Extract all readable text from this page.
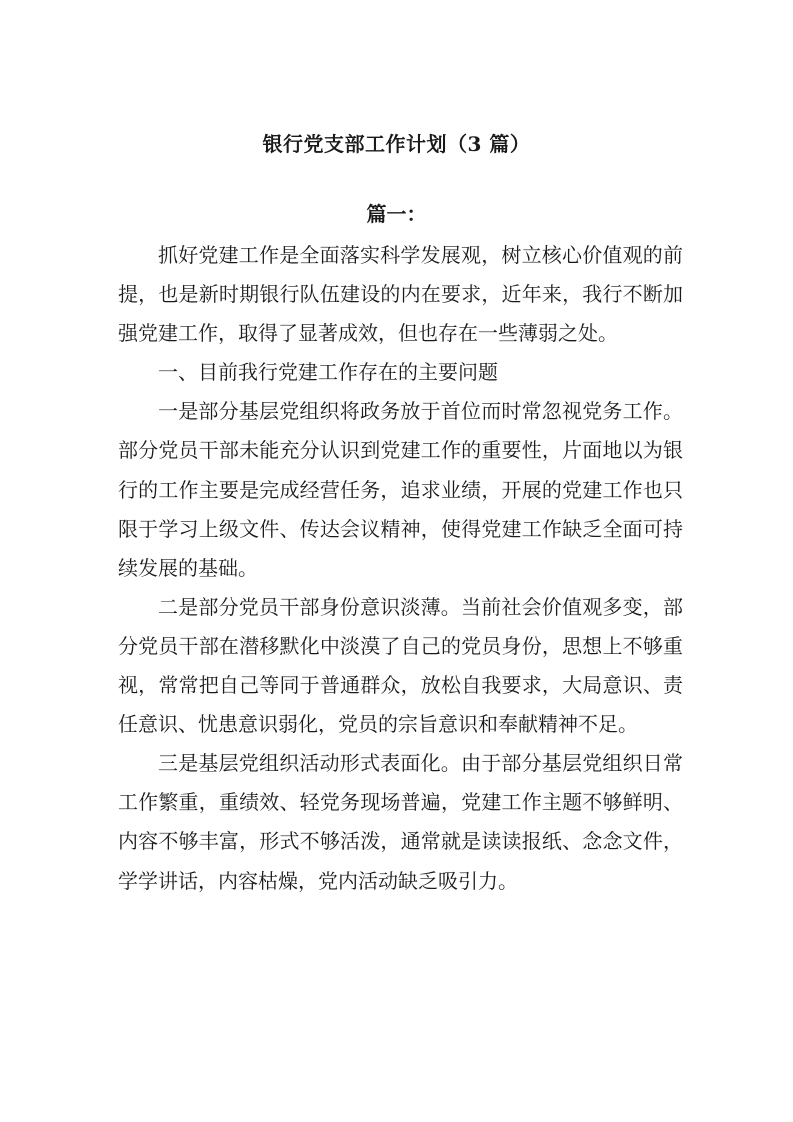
银行党支部工作计划（3 篇）
篇一：

抓好党建工作是全面落实科学发展观，树立核心价值观的前提，也是新时期银行队伍建设的内在要求，近年来，我行不断加强党建工作，取得了显著成效，但也存在一些薄弱之处。

一、目前我行党建工作存在的主要问题

一是部分基层党组织将政务放于首位而时常忽视党务工作。部分党员干部未能充分认识到党建工作的重要性，片面地以为银行的工作主要是完成经营任务，追求业绩，开展的党建工作也只限于学习上级文件、传达会议精神，使得党建工作缺乏全面可持续发展的基础。

二是部分党员干部身份意识淡薄。当前社会价值观多变，部分党员干部在潜移默化中淡漠了自己的党员身份，思想上不够重视，常常把自己等同于普通群众，放松自我要求，大局意识、责任意识、忧患意识弱化，党员的宗旨意识和奉献精神不足。

三是基层党组织活动形式表面化。由于部分基层党组织日常工作繁重，重绩效、轻党务现场普遍，党建工作主题不够鲜明、内容不够丰富，形式不够活泼，通常就是读读报纸、念念文件，学学讲话，内容枯燥，党内活动缺乏吸引力。
